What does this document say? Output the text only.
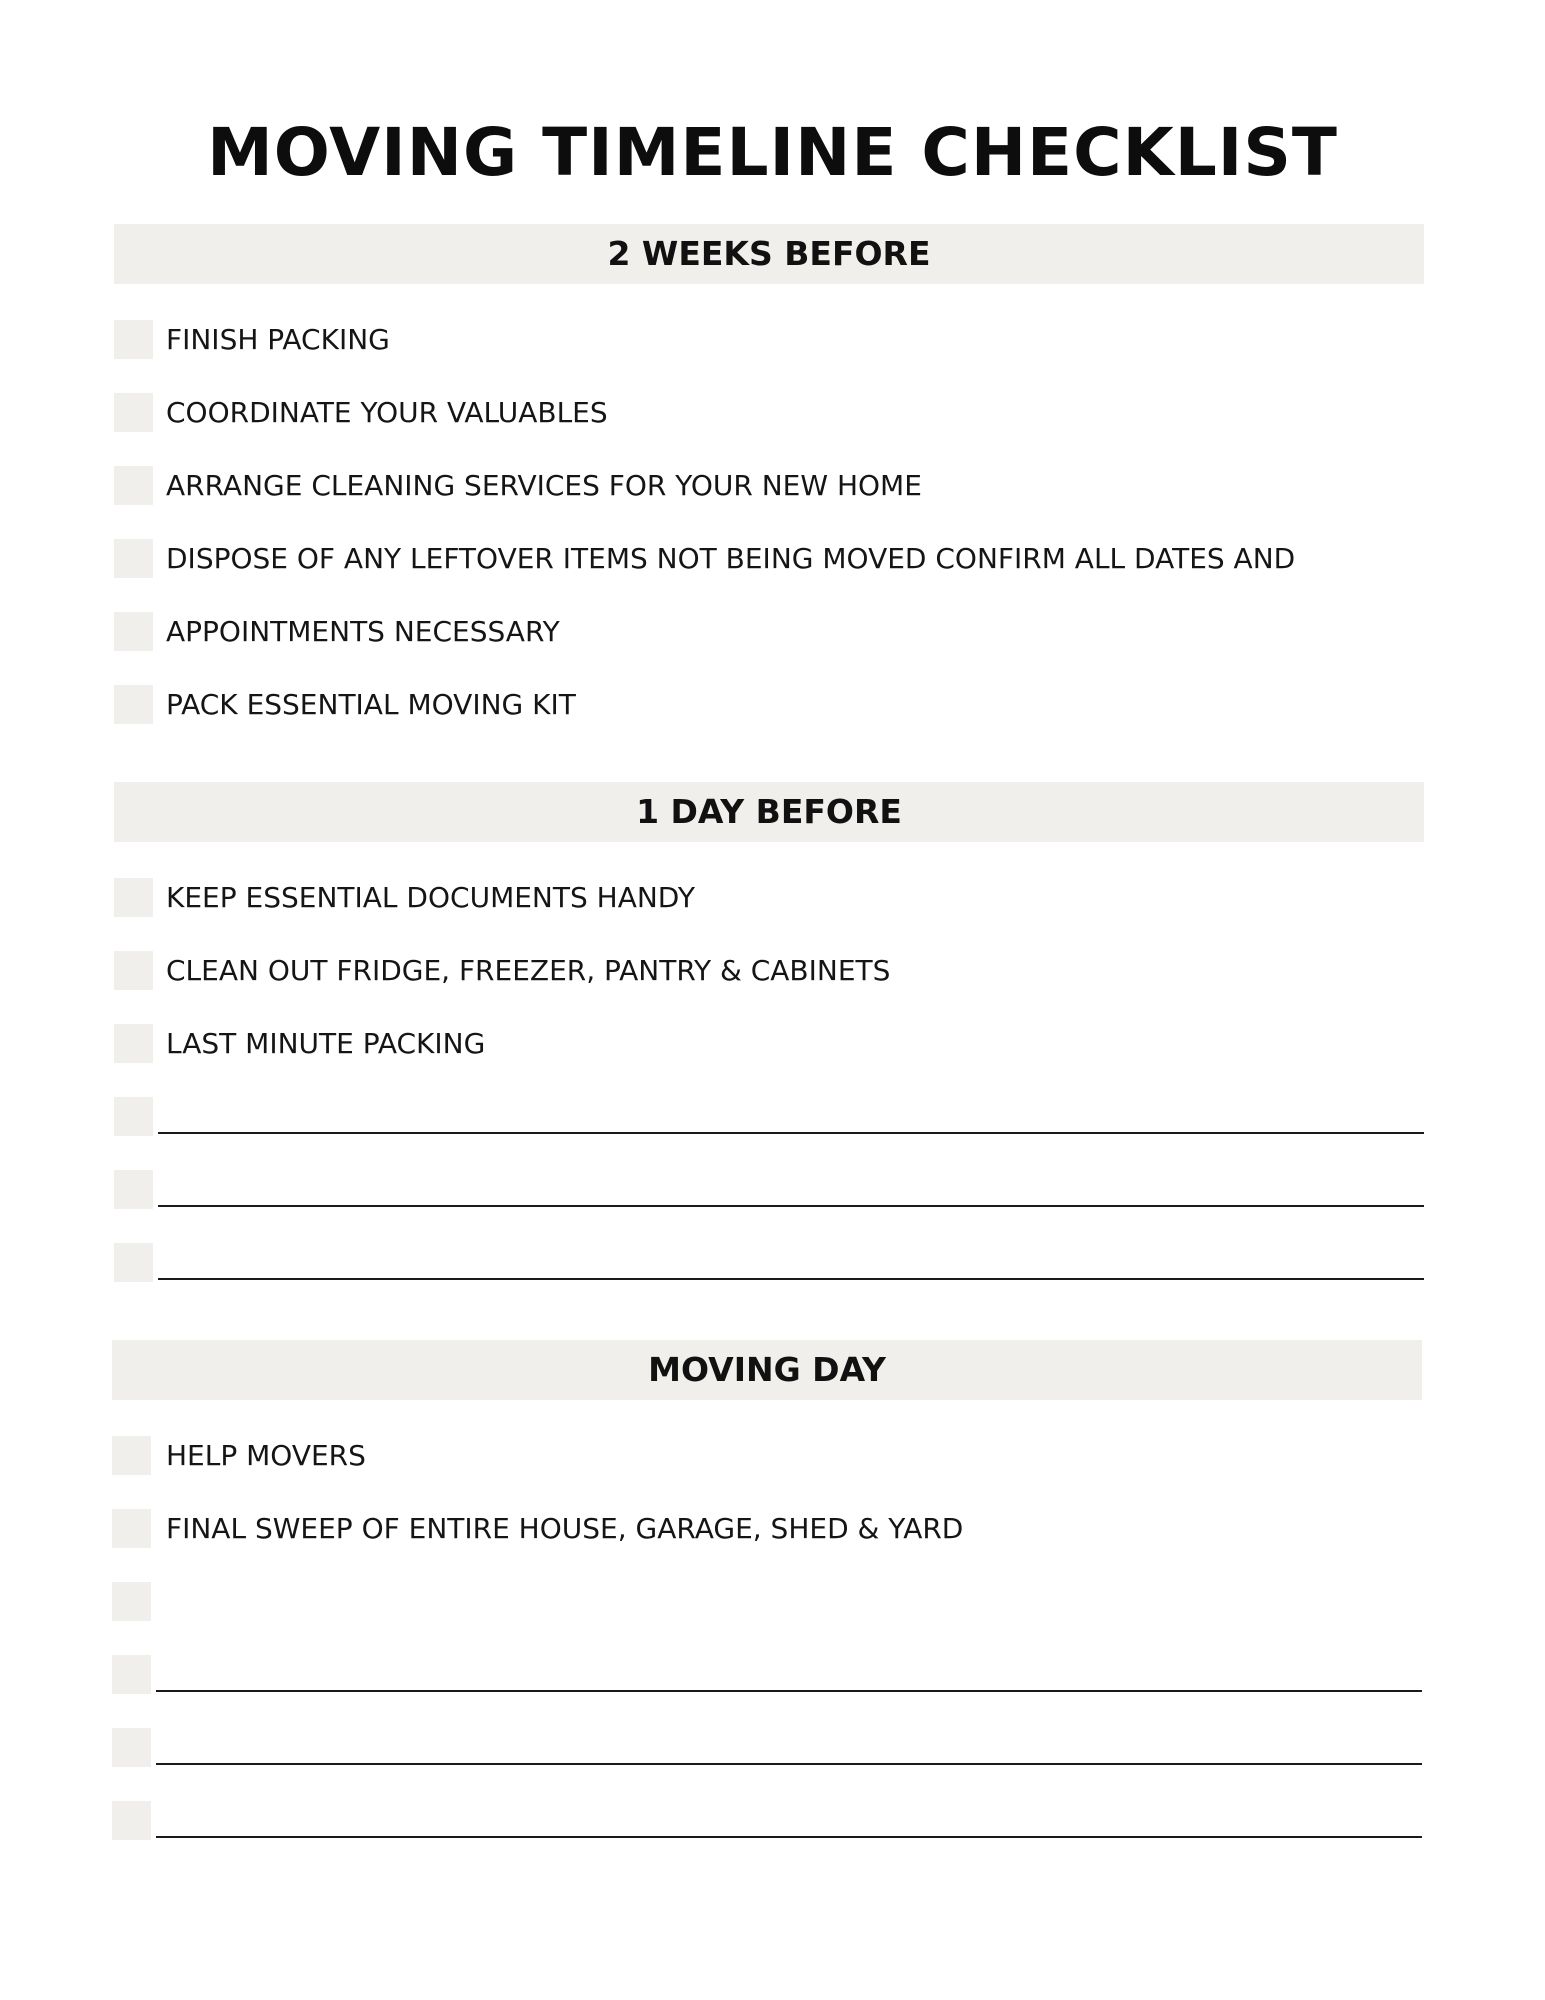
MOVING TIMELINE CHECKLIST
2 WEEKS BEFORE
FINISH PACKING
COORDINATE YOUR VALUABLES
ARRANGE CLEANING SERVICES FOR YOUR NEW HOME
DISPOSE OF ANY LEFTOVER ITEMS NOT BEING MOVED CONFIRM ALL DATES AND
APPOINTMENTS NECESSARY
PACK ESSENTIAL MOVING KIT
1 DAY BEFORE
KEEP ESSENTIAL DOCUMENTS HANDY
CLEAN OUT FRIDGE, FREEZER, PANTRY & CABINETS
LAST MINUTE PACKING
MOVING DAY
HELP MOVERS
FINAL SWEEP OF ENTIRE HOUSE, GARAGE, SHED & YARD
